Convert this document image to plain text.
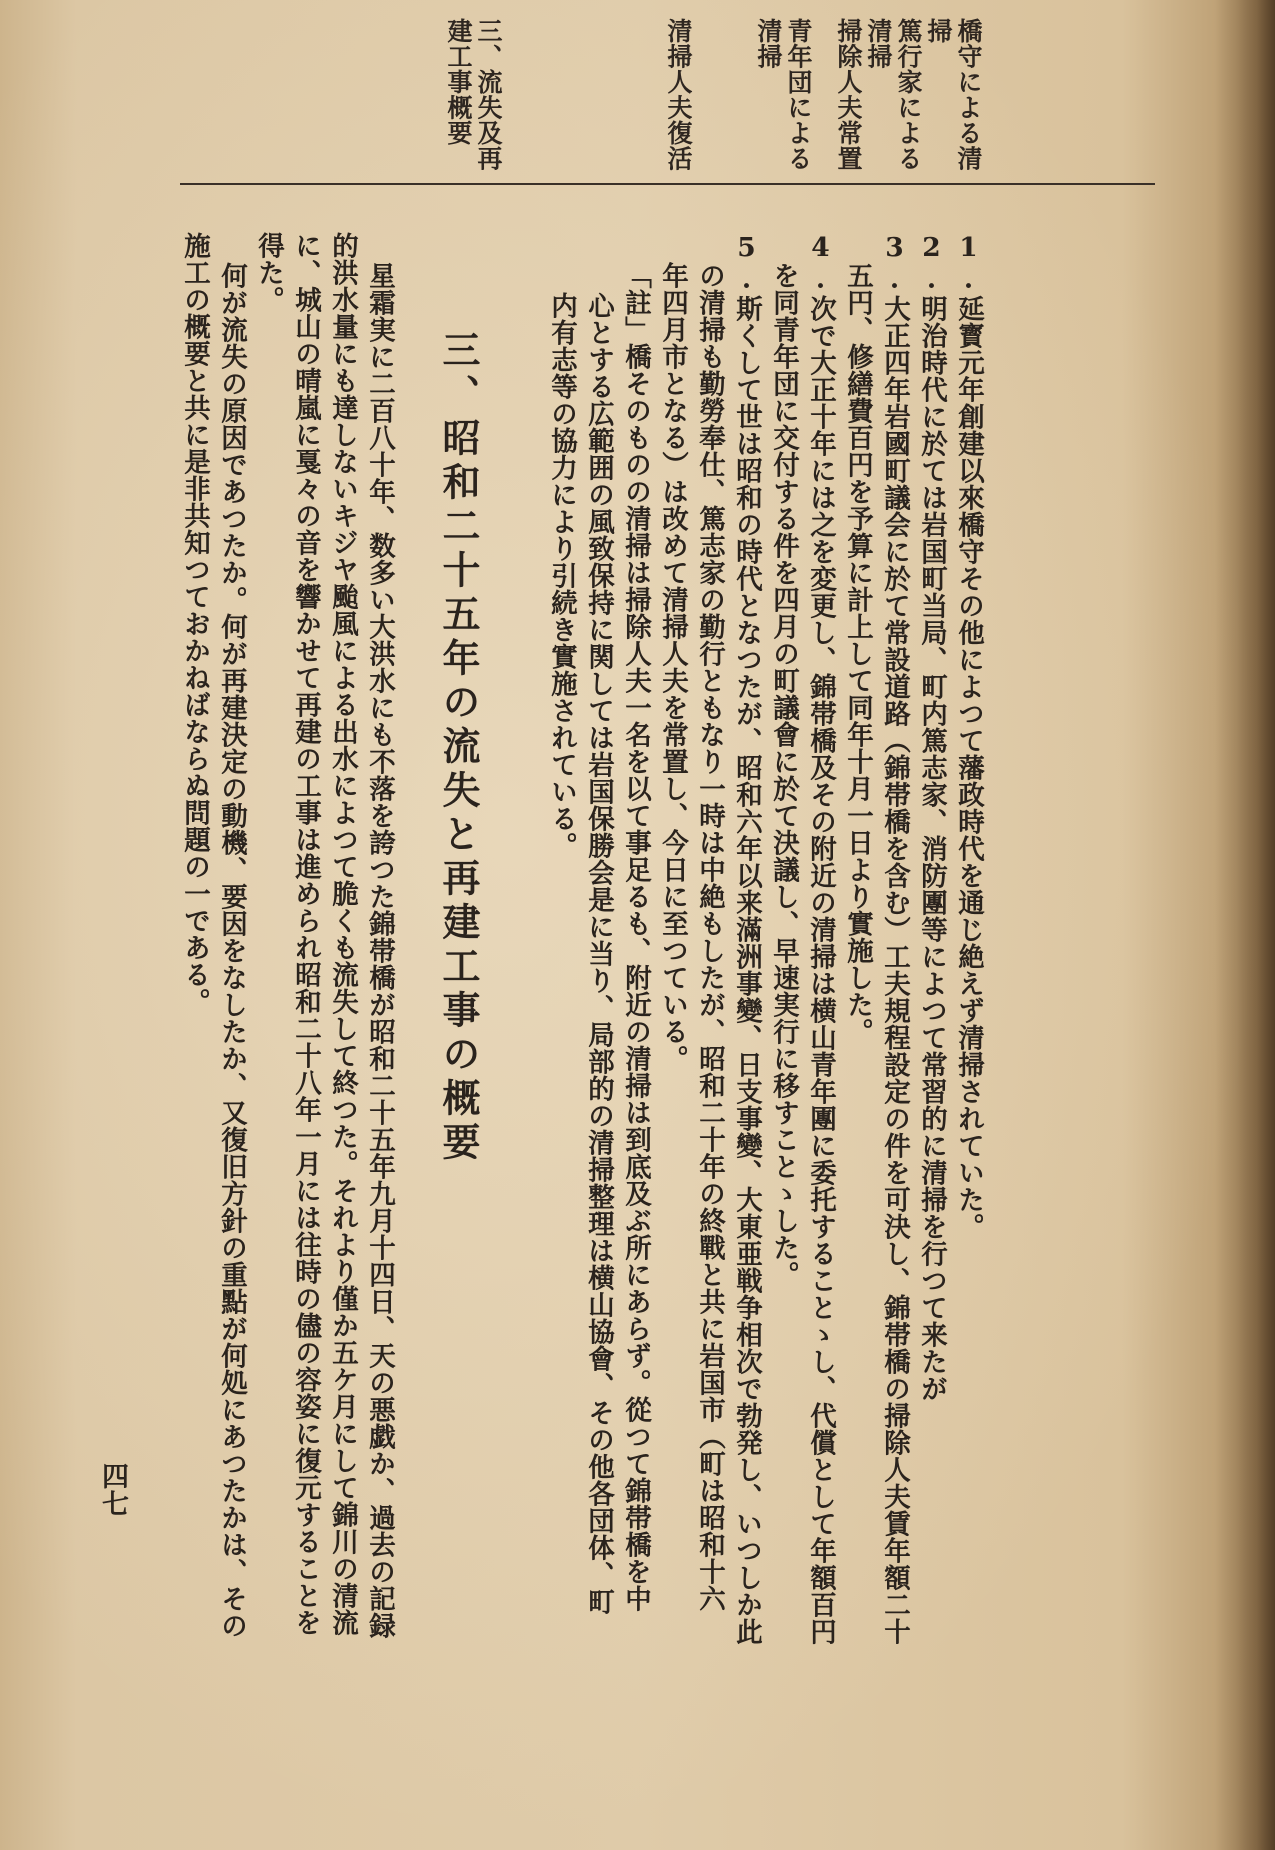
橋守による清
掃
篤行家による
清掃
掃除人夫常置
青年団による
清掃
清掃人夫復活
三、流失及再
建工事概要
1.延寳元年創建以來橋守その他によつて藩政時代を通じ絶えず清掃されていた。
2.明治時代に於ては岩国町当局、町内篤志家、消防團等によつて常習的に清掃を行つて来たが
3.大正四年岩國町議会に於て常設道路（錦帯橋を含む）工夫規程設定の件を可決し、錦帯橋の掃除人夫賃年額二十
五円、修繕費百円を予算に計上して同年十月一日より實施した。
4.次で大正十年には之を変更し、錦帯橋及その附近の清掃は横山青年團に委托することゝし、代償として年額百円
を同青年団に交付する件を四月の町議會に於て決議し、早速実行に移すことゝした。
5.斯くして世は昭和の時代となつたが、昭和六年以来滿洲事變、日支事變、大東亜戦争相次で勃発し、いつしか此
の清掃も勤勞奉仕、篤志家の勤行ともなり一時は中絶もしたが、昭和二十年の終戰と共に岩国市（町は昭和十六
年四月市となる）は改めて清掃人夫を常置し、今日に至つている。
「註」橋そのものの清掃は掃除人夫一名を以て事足るも、附近の清掃は到底及ぶ所にあらず。從つて錦帯橋を中
心とする広範囲の風致保持に関しては岩国保勝会是に当り、局部的の清掃整理は横山協會、その他各団体、町
内有志等の協力により引続き實施されている。
三、昭和二十五年の流失と再建工事の概要
星霜実に二百八十年、数多い大洪水にも不落を誇つた錦帯橋が昭和二十五年九月十四日、天の悪戯か、過去の記録
的洪水量にも達しないキジヤ颱風による出水によつて脆くも流失して終つた。それより僅か五ケ月にして錦川の清流
に、城山の晴嵐に戛々の音を響かせて再建の工事は進められ昭和二十八年一月には往時の儘の容姿に復元することを
得た。
何が流失の原因であつたか。何が再建決定の動機、要因をなしたか、又復旧方針の重點が何処にあつたかは、その
施工の概要と共に是非共知つておかねばならぬ問題の一である。
四七
